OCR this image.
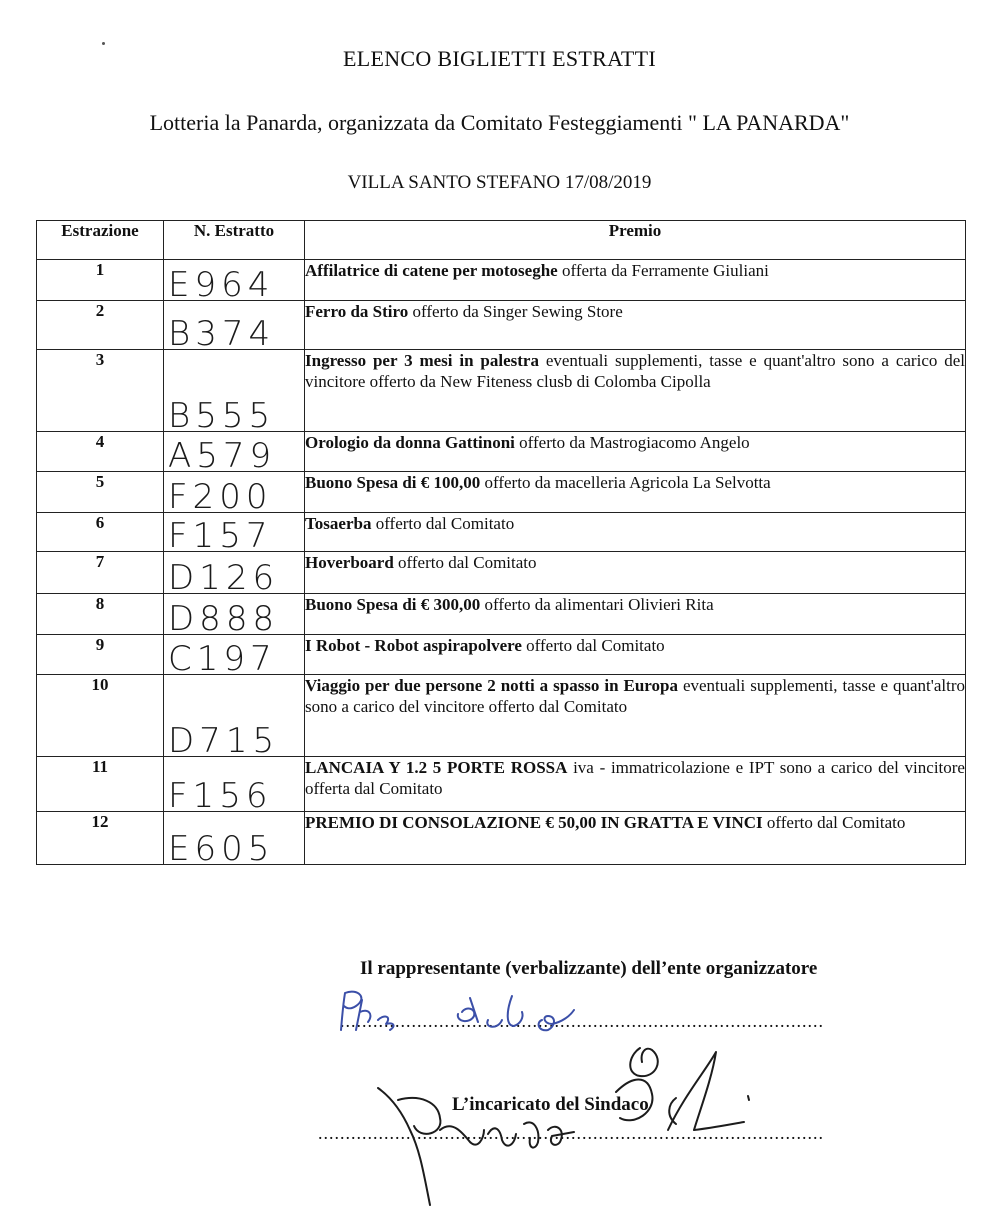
ELENCO BIGLIETTI ESTRATTI
Lotteria la Panarda, organizzata da Comitato Festeggiamenti " LA PANARDA"
VILLA SANTO STEFANO 17/08/2019
Estrazione	N. Estratto	Premio
1	E964	Affilatrice di catene per motoseghe offerta da Ferramente Giuliani
2	B374	Ferro da Stiro offerto da Singer Sewing Store
3	B555	Ingresso per 3 mesi in palestra eventuali supplementi, tasse e quant'altro sono a carico del vincitore offerto da New Fiteness clusb di Colomba Cipolla
4	A579	Orologio da donna Gattinoni offerto da Mastrogiacomo Angelo
5	F200	Buono Spesa di € 100,00 offerto da macelleria Agricola La Selvotta
6	F157	Tosaerba offerto dal Comitato
7	D126	Hoverboard offerto dal Comitato
8	D888	Buono Spesa di € 300,00 offerto da alimentari Olivieri Rita
9	C197	I Robot - Robot aspirapolvere offerto dal Comitato
10	D715	Viaggio per due persone 2 notti a spasso in Europa eventuali supplementi, tasse e quant'altro sono a carico del vincitore offerto dal Comitato
11	F156	LANCAIA Y 1.2 5 PORTE ROSSA iva - immatricolazione e IPT sono a carico del vincitore offerta dal Comitato
12	E605	PREMIO DI CONSOLAZIONE € 50,00 IN GRATTA E VINCI offerto dal Comitato
Il rappresentante (verbalizzante) dell’ente organizzatore
........................................................................................
L’incaricato del Sindaco
............................................................................................
